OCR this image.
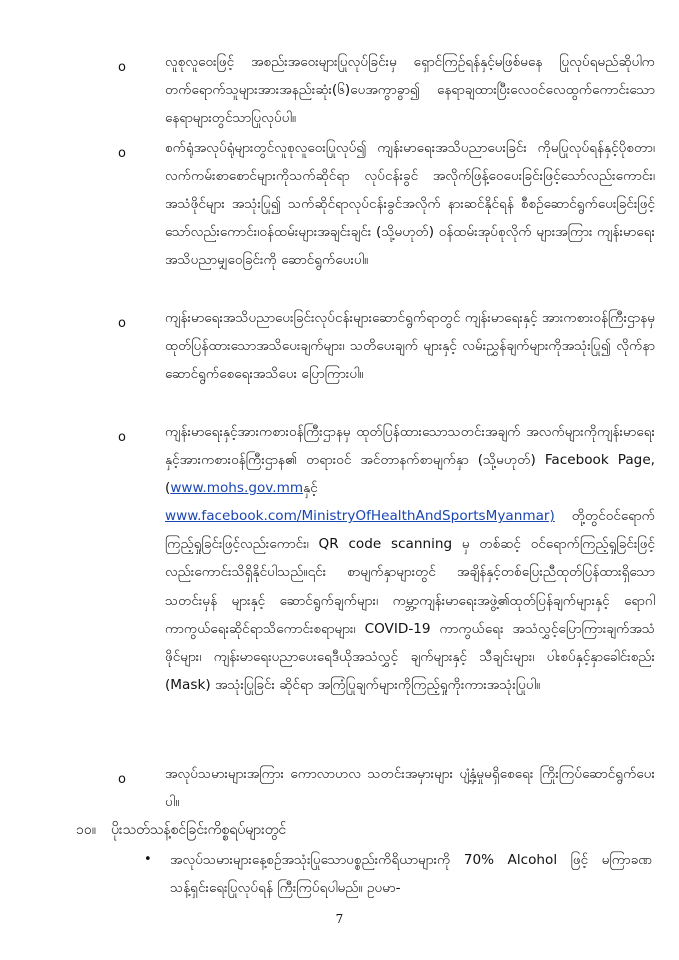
o	လူစုလူဝေးဖြင့် အစည်းအဝေးများပြုလုပ်ခြင်းမှ ရှောင်ကြဉ်ရန်နှင့်မဖြစ်မနေ ပြုလုပ်ရမည်ဆိုပါကတက်ရောက်သူများအားအနည်းဆုံး(၆)ပေအကွာခွာ၍ နေရာချထားပြီးလေဝင်လေထွက်ကောင်းသောနေရာများတွင်သာပြုလုပ်ပါ။
o	စက်ရုံအလုပ်ရုံများတွင်လူစုလူဝေးပြုလုပ်၍ ကျန်းမာရေးအသိပညာပေးခြင်း ကိုမပြုလုပ်ရန်နှင့်ပိုစတာ၊လက်ကမ်းစာစောင်များကိုသက်ဆိုင်ရာ လုပ်ငန်းခွင် အလိုက်ဖြန့်ဝေပေးခြင်းဖြင့်သော်လည်းကောင်း၊ အသံဖိုင်များ အသုံးပြု၍ သက်ဆိုင်ရာလုပ်ငန်းခွင်အလိုက် နားဆင်နိုင်ရန် စီစဉ်ဆောင်ရွက်ပေးခြင်းဖြင့် သော်လည်းကောင်း၊ဝန်ထမ်းများအချင်းချင်း (သို့မဟုတ်) ဝန်ထမ်းအုပ်စုလိုက် များအကြား ကျန်းမာရေးအသိပညာမျှဝေခြင်းကို ဆောင်ရွက်ပေးပါ။
o	ကျန်းမာရေးအသိပညာပေးခြင်းလုပ်ငန်းများဆောင်ရွက်ရာတွင် ကျန်းမာရေးနှင့် အားကစားဝန်ကြီးဌာနမှ ထုတ်ပြန်ထားသောအသိပေးချက်များ၊ သတိပေးချက် များနှင့် လမ်းညွှန်ချက်များကိုအသုံးပြု၍ လိုက်နာဆောင်ရွက်စေရေးအသိပေး ပြောကြားပါ။
o	ကျန်းမာရေးနှင့်အားကစားဝန်ကြီးဌာနမှ ထုတ်ပြန်ထားသောသတင်းအချက် အလက်များကိုကျန်းမာရေးနှင့်အားကစားဝန်ကြီးဌာန၏ တရားဝင် အင်တာနက်စာမျက်နှာ (သို့မဟုတ်) Facebook Page, (www.mohs.gov.mmနှင့် www.facebook.com/MinistryOfHealthAndSportsMyanmar) တို့တွင်ဝင်ရောက်ကြည့်ရှုခြင်းဖြင့်လည်းကောင်း၊ QR code scanning မှ တစ်ဆင့် ဝင်ရောက်ကြည့်ရှုခြင်းဖြင့်လည်းကောင်းသိရှိနိုင်ပါသည်။၎င်း စာမျက်နှာများတွင် အချိန်နှင့်တစ်ပြေးညီထုတ်ပြန်ထားရှိသောသတင်းမှန် များနှင့် ဆောင်ရွက်ချက်များ၊ ကမ္ဘာ့ကျန်းမာရေးအဖွဲ့၏ထုတ်ပြန်ချက်များနှင့် ရောဂါကာကွယ်ရေးဆိုင်ရာသိကောင်းစရာများ၊ COVID-19 ကာကွယ်ရေး အသံလွှင့်ပြောကြားချက်အသံဖိုင်များ၊ ကျန်းမာရေးပညာပေးရေဒီယိုအသံလွှင့် ချက်များနှင့် သီချင်းများ၊ ပါးစပ်နှင့်နှာခေါင်းစည်း (Mask) အသုံးပြုခြင်း ဆိုင်ရာ အကြံပြုချက်များကိုကြည့်ရှုကိုးကားအသုံးပြုပါ။
o	အလုပ်သမားများအကြား ကောလာဟလ သတင်းအမှားများ ပျံ့နှံ့မှုမရှိစေရေး ကြိုးကြပ်ဆောင်ရွက်ပေးပါ။
၁၀။ ပိုးသတ်သန့်စင်ခြင်းကိစ္စရပ်များတွင်
• အလုပ်သမားများနေ့စဉ်အသုံးပြုသောပစ္စည်းကိရိယာများကို 70% Alcohol ဖြင့် မကြာခဏသန့်ရှင်းရေးပြုလုပ်ရန် ကြီးကြပ်ရပါမည်။ ဥပမာ-
7
